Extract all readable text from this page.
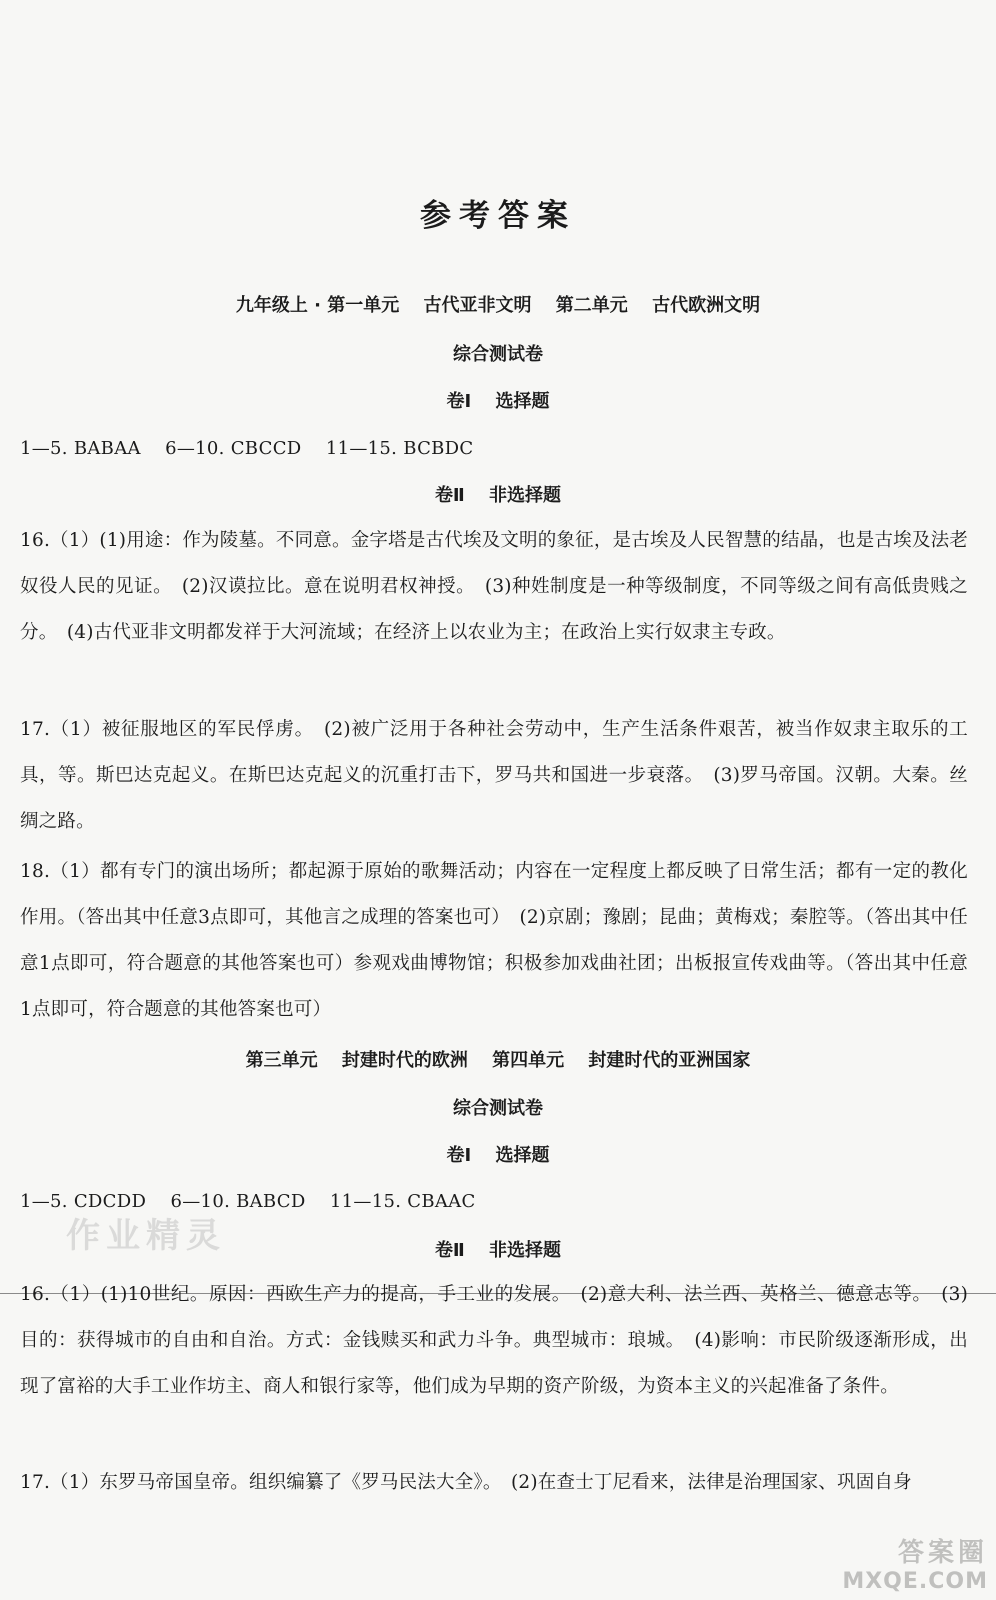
参考答案
九年级上 · 第一单元　 古代亚非文明　 第二单元　 古代欧洲文明
综合测试卷
卷Ⅰ　 选择题
1—5. BABAA　 6—10. CBCCD　 11—15. BCBDC
卷Ⅱ　 非选择题
16.（1）(1)用途：作为陵墓。不同意。金字塔是古代埃及文明的象征，是古埃及人民智慧的结晶，也是古埃及法老奴役人民的见证。　(2)汉谟拉比。意在说明君权神授。　(3)种姓制度是一种等级制度，不同等级之间有高低贵贱之分。　(4)古代亚非文明都发祥于大河流域；在经济上以农业为主；在政治上实行奴隶主专政。
17.（1）被征服地区的军民俘虏。　(2)被广泛用于各种社会劳动中，生产生活条件艰苦，被当作奴隶主取乐的工具，等。斯巴达克起义。在斯巴达克起义的沉重打击下，罗马共和国进一步衰落。　(3)罗马帝国。汉朝。大秦。丝绸之路。
18.（1）都有专门的演出场所；都起源于原始的歌舞活动；内容在一定程度上都反映了日常生活；都有一定的教化作用。（答出其中任意3点即可，其他言之成理的答案也可）　(2)京剧；豫剧；昆曲；黄梅戏；秦腔等。（答出其中任意1点即可，符合题意的其他答案也可）参观戏曲博物馆；积极参加戏曲社团；出板报宣传戏曲等。（答出其中任意1点即可，符合题意的其他答案也可）
第三单元　 封建时代的欧洲　 第四单元　 封建时代的亚洲国家
综合测试卷
卷Ⅰ　 选择题
1—5. CDCDD　 6—10. BABCD　 11—15. CBAAC
卷Ⅱ　 非选择题
16.（1）(1)10世纪。原因：西欧生产力的提高，手工业的发展。　(2)意大利、法兰西、英格兰、德意志等。　(3)目的：获得城市的自由和自治。方式：金钱赎买和武力斗争。典型城市：琅城。　(4)影响：市民阶级逐渐形成，出现了富裕的大手工业作坊主、商人和银行家等，他们成为早期的资产阶级，为资本主义的兴起准备了条件。
17.（1）东罗马帝国皇帝。组织编纂了《罗马民法大全》。　(2)在查士丁尼看来，法律是治理国家、巩固自身
作业精灵
答案圈
MXQE.COM
